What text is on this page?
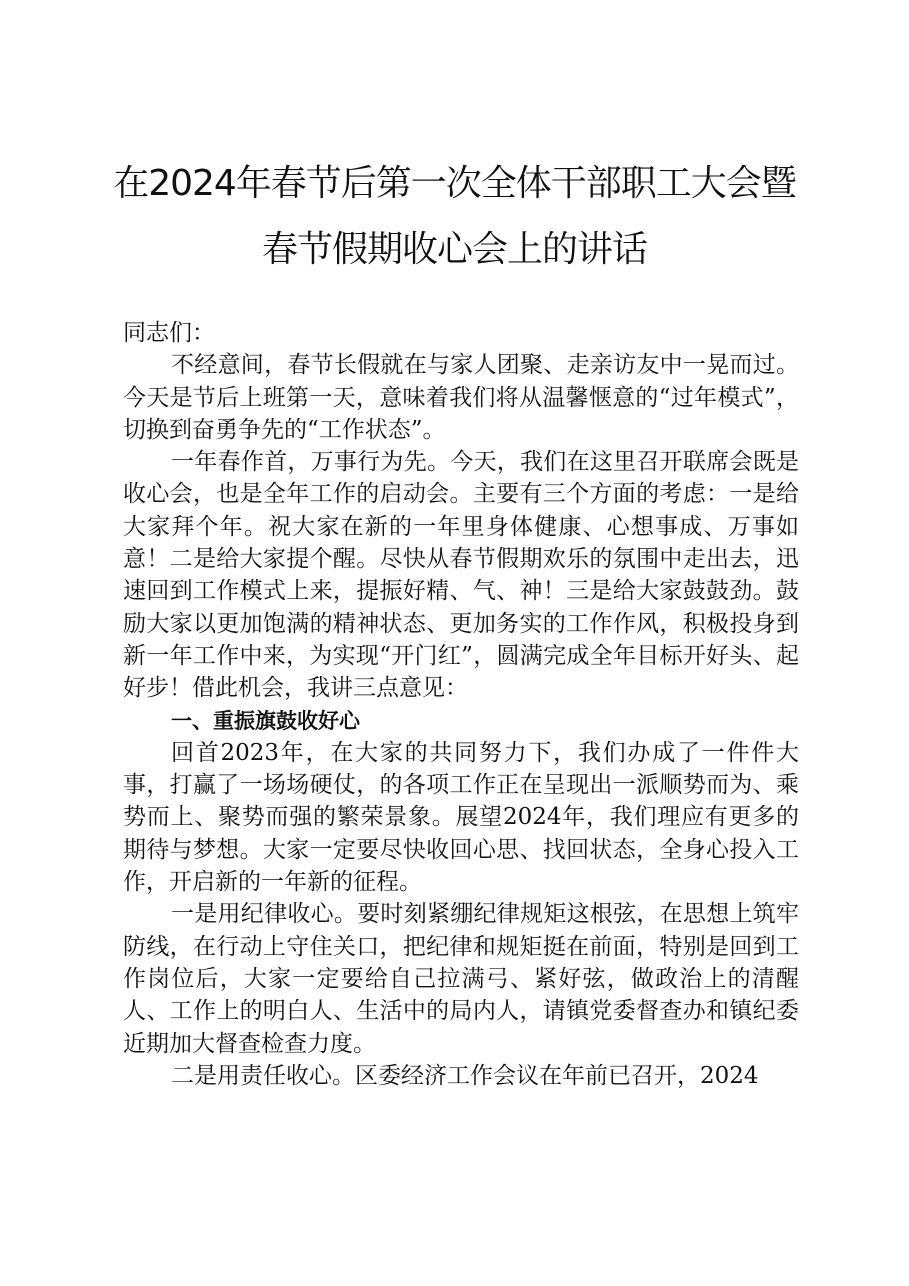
在2024年春节后第一次全体干部职工大会暨
春节假期收心会上的讲话

同志们：

不经意间，春节长假就在与家人团聚、走亲访友中一晃而过。今天是节后上班第一天，意味着我们将从温馨惬意的“过年模式”，切换到奋勇争先的“工作状态”。

一年春作首，万事行为先。今天，我们在这里召开联席会既是收心会，也是全年工作的启动会。主要有三个方面的考虑：一是给大家拜个年。祝大家在新的一年里身体健康、心想事成、万事如意！二是给大家提个醒。尽快从春节假期欢乐的氛围中走出去，迅速回到工作模式上来，提振好精、气、神！三是给大家鼓鼓劲。鼓励大家以更加饱满的精神状态、更加务实的工作作风，积极投身到新一年工作中来，为实现“开门红”，圆满完成全年目标开好头、起好步！借此机会，我讲三点意见：

一、重振旗鼓收好心

回首2023年，在大家的共同努力下，我们办成了一件件大事，打赢了一场场硬仗，的各项工作正在呈现出一派顺势而为、乘势而上、聚势而强的繁荣景象。展望2024年，我们理应有更多的期待与梦想。大家一定要尽快收回心思、找回状态，全身心投入工作，开启新的一年新的征程。

一是用纪律收心。要时刻紧绷纪律规矩这根弦，在思想上筑牢防线，在行动上守住关口，把纪律和规矩挺在前面，特别是回到工作岗位后，大家一定要给自己拉满弓、紧好弦，做政治上的清醒人、工作上的明白人、生活中的局内人，请镇党委督查办和镇纪委近期加大督查检查力度。

二是用责任收心。区委经济工作会议在年前已召开，2024
